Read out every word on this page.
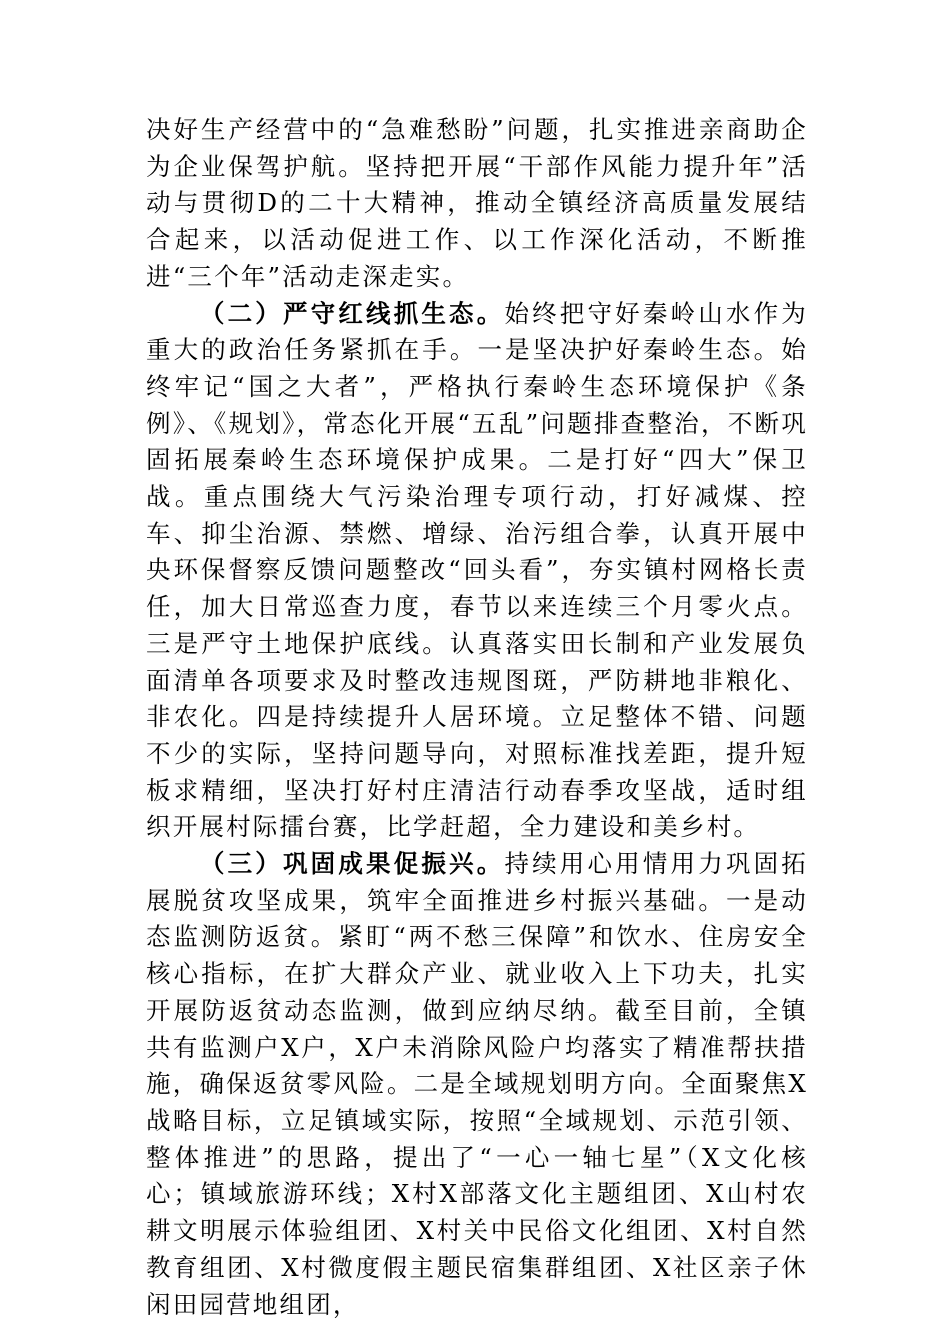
决好生产经营中的“急难愁盼”问题，扎实推进亲商助企为企业保驾护航。坚持把开展“干部作风能力提升年”活动与贯彻D的二十大精神，推动全镇经济高质量发展结合起来，以活动促进工作、以工作深化活动，不断推进“三个年”活动走深走实。

（二）严守红线抓生态。始终把守好秦岭山水作为重大的政治任务紧抓在手。一是坚决护好秦岭生态。始终牢记“国之大者”，严格执行秦岭生态环境保护《条例》、《规划》，常态化开展“五乱”问题排查整治，不断巩固拓展秦岭生态环境保护成果。二是打好“四大”保卫战。重点围绕大气污染治理专项行动，打好减煤、控车、抑尘治源、禁燃、增绿、治污组合拳，认真开展中央环保督察反馈问题整改“回头看”，夯实镇村网格长责任，加大日常巡查力度，春节以来连续三个月零火点。三是严守土地保护底线。认真落实田长制和产业发展负面清单各项要求及时整改违规图斑，严防耕地非粮化、非农化。四是持续提升人居环境。立足整体不错、问题不少的实际，坚持问题导向，对照标准找差距，提升短板求精细，坚决打好村庄清洁行动春季攻坚战，适时组织开展村际擂台赛，比学赶超，全力建设和美乡村。

（三）巩固成果促振兴。持续用心用情用力巩固拓展脱贫攻坚成果，筑牢全面推进乡村振兴基础。一是动态监测防返贫。紧盯“两不愁三保障”和饮水、住房安全核心指标，在扩大群众产业、就业收入上下功夫，扎实开展防返贫动态监测，做到应纳尽纳。截至目前，全镇共有监测户X户，X户未消除风险户均落实了精准帮扶措施，确保返贫零风险。二是全域规划明方向。全面聚焦X战略目标，立足镇域实际，按照“全域规划、示范引领、整体推进”的思路，提出了“一心一轴七星”（X文化核心；镇域旅游环线；X村X部落文化主题组团、X山村农耕文明展示体验组团、X村关中民俗文化组团、X村自然教育组团、X村微度假主题民宿集群组团、X社区亲子休闲田园营地组团，
